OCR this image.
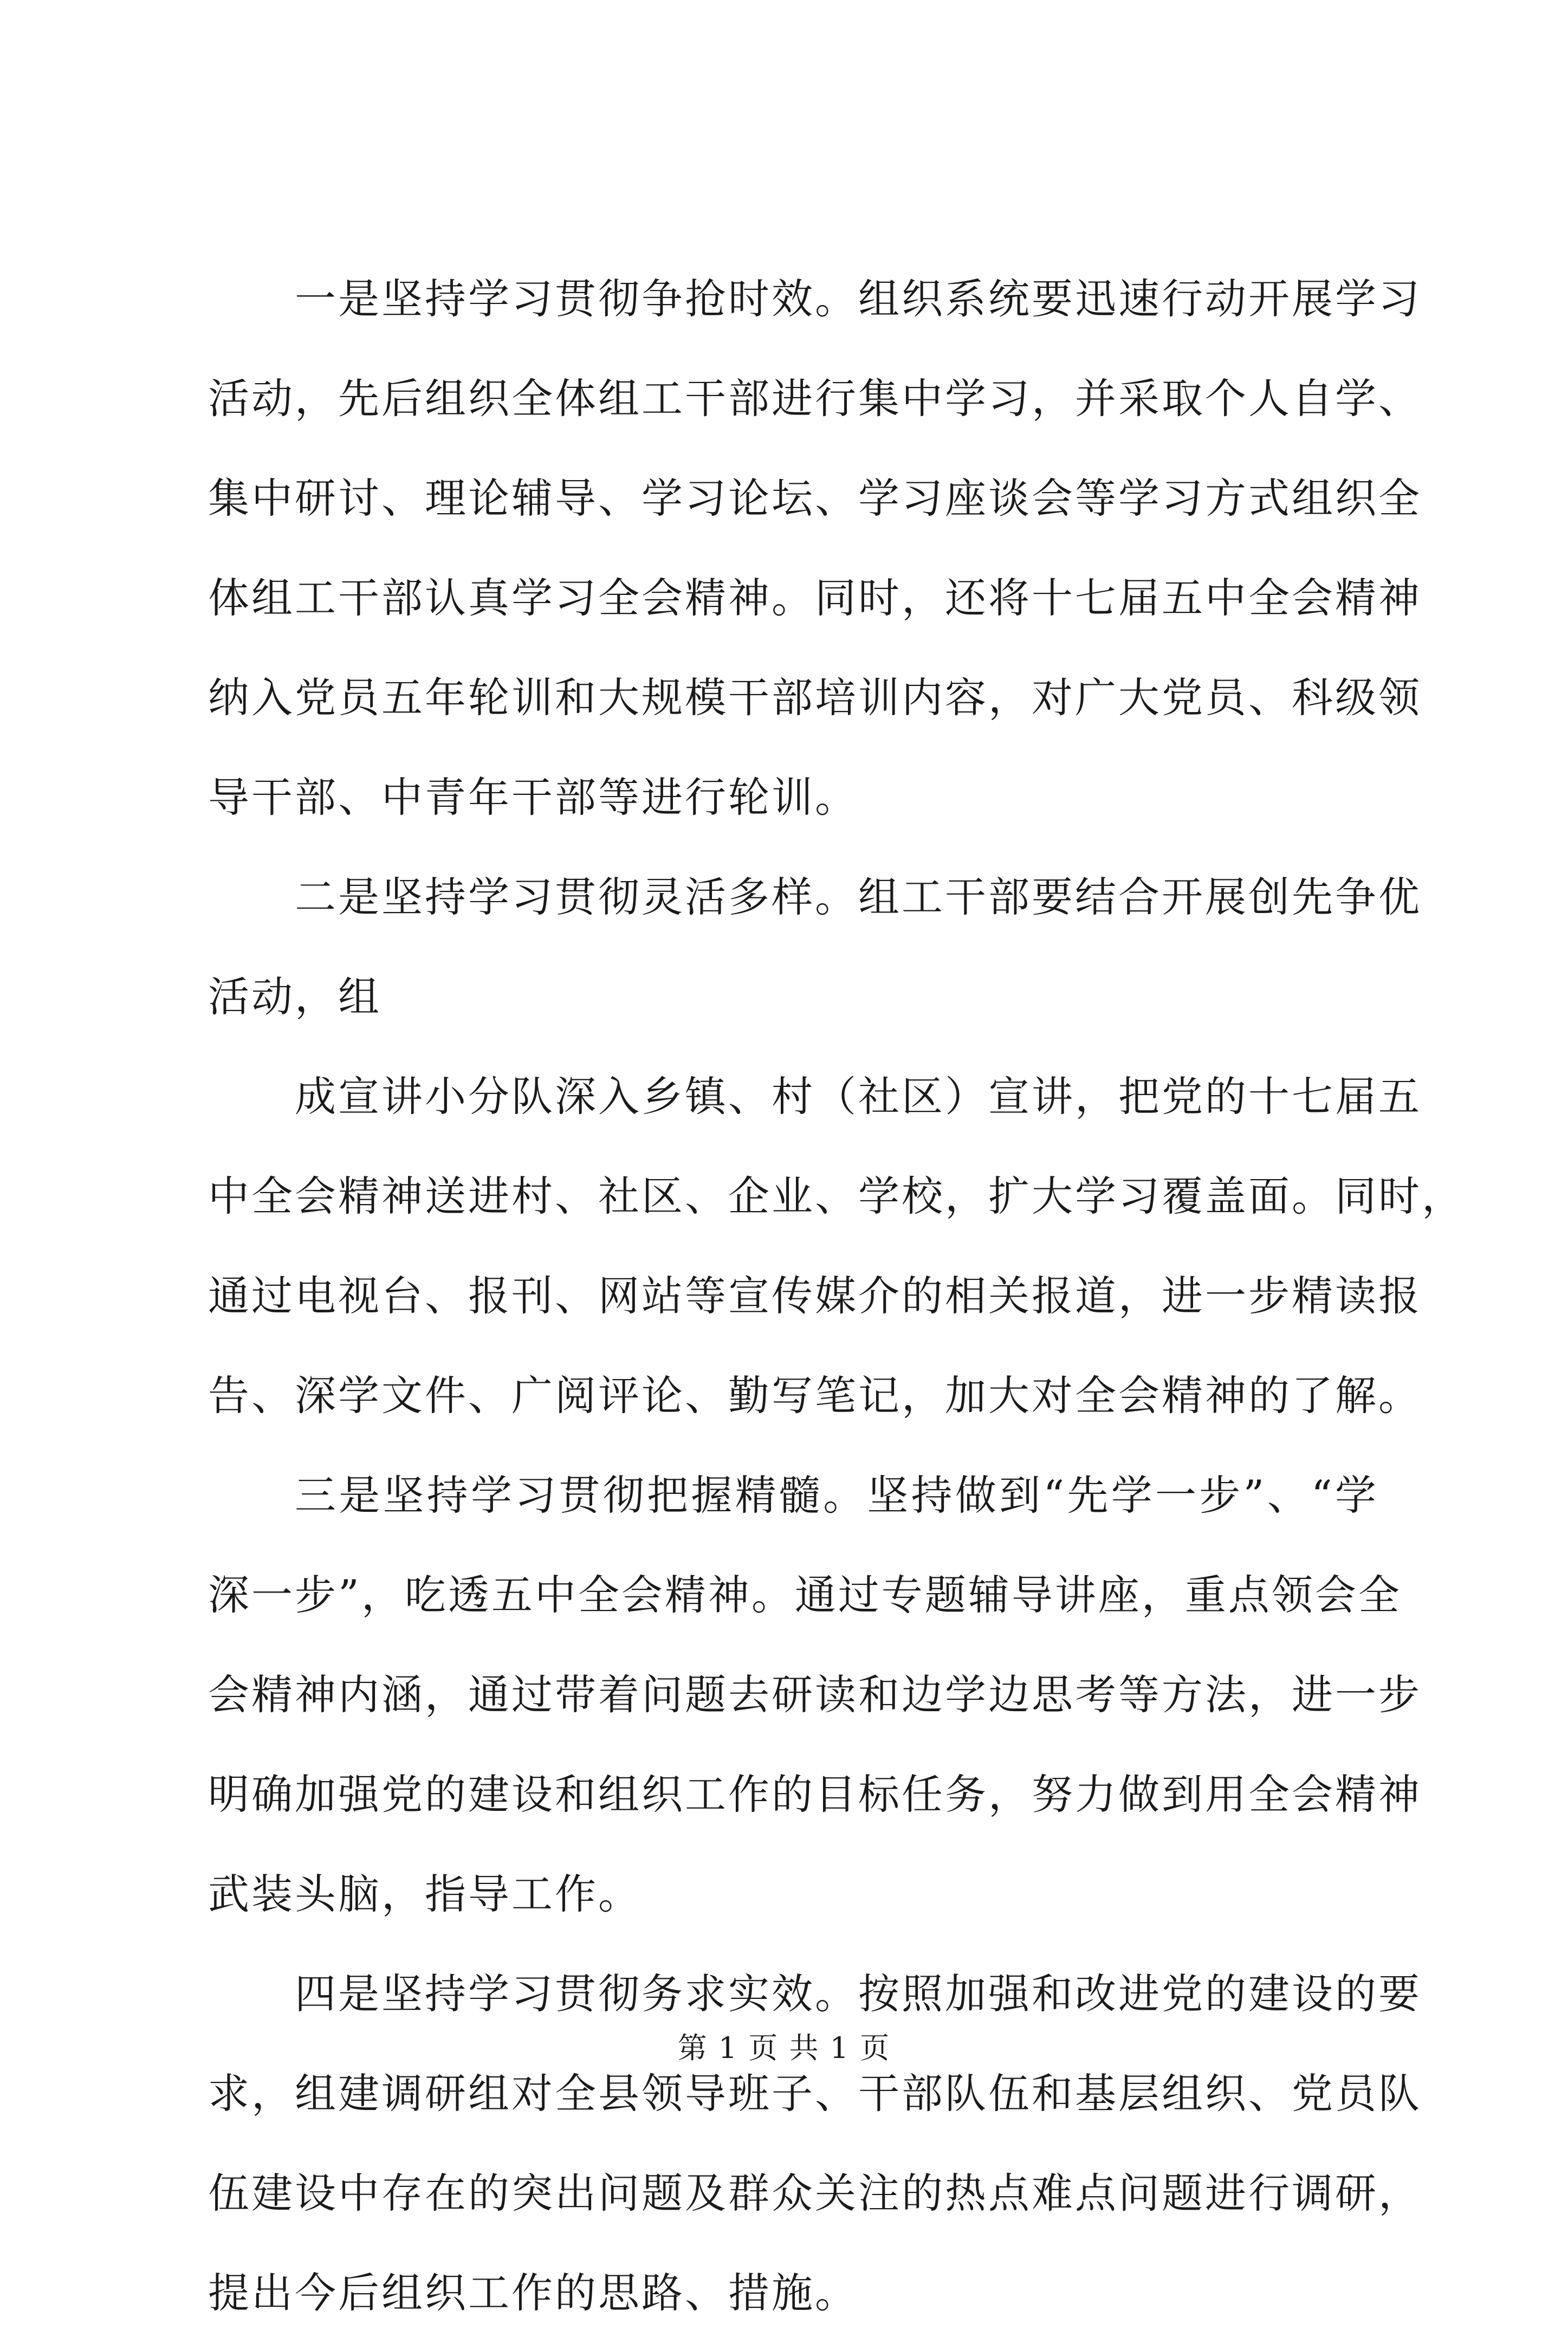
一是坚持学习贯彻争抢时效。组织系统要迅速行动开展学习
活动，先后组织全体组工干部进行集中学习，并采取个人自学、
集中研讨、理论辅导、学习论坛、学习座谈会等学习方式组织全
体组工干部认真学习全会精神。同时，还将十七届五中全会精神
纳入党员五年轮训和大规模干部培训内容，对广大党员、科级领
导干部、中青年干部等进行轮训。
二是坚持学习贯彻灵活多样。组工干部要结合开展创先争优
活动，组
成宣讲小分队深入乡镇、村（社区）宣讲，把党的十七届五
中全会精神送进村、社区、企业、学校，扩大学习覆盖面。同时，
通过电视台、报刊、网站等宣传媒介的相关报道，进一步精读报
告、深学文件、广阅评论、勤写笔记，加大对全会精神的了解。
三是坚持学习贯彻把握精髓。坚持做到“先学一步”、“学
深一步”，吃透五中全会精神。通过专题辅导讲座，重点领会全
会精神内涵，通过带着问题去研读和边学边思考等方法，进一步
明确加强党的建设和组织工作的目标任务，努力做到用全会精神
武装头脑，指导工作。
四是坚持学习贯彻务求实效。按照加强和改进党的建设的要
求，组建调研组对全县领导班子、干部队伍和基层组织、党员队
伍建设中存在的突出问题及群众关注的热点难点问题进行调研，
提出今后组织工作的思路、措施。
第 1 页 共 1 页
